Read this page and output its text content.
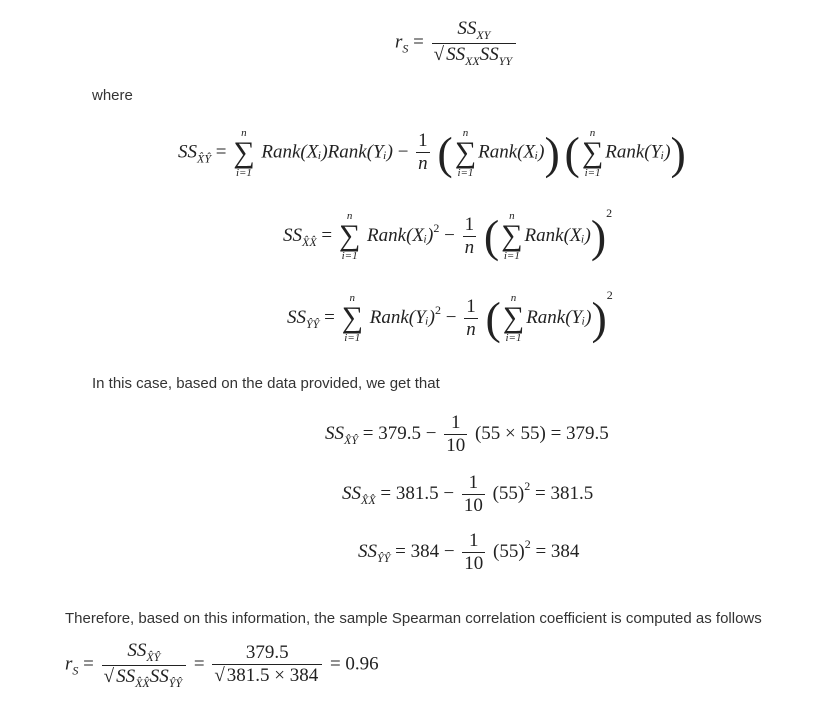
$r_S = \frac{SS_{XY}}{√ SS_{XX}SS_{YY}}$
where
$SS_{X̂Ŷ}$ =
n
∑
i=1
Rank(Xᵢ)Rank(Yᵢ) − $\frac{1}{n}$ ( n
∑
i=1
Rank(Xᵢ)) ( n
∑
i=1
Rank(Yᵢ))
$SS_{X̂X̂}$ =
n
∑
i=1
Rank(Xᵢ)$^2$ − $\frac{1}{n}$ ( n
∑
i=1
Rank(Xᵢ))$^2$
$SS_{ŶŶ}$ =
n
∑
i=1
Rank(Yᵢ)$^2$ − $\frac{1}{n}$ ( n
∑
i=1
Rank(Yᵢ))$^2$
In this case, based on the data provided, we get that
$SS_{X̂Ŷ} = 379.5 - \frac{1}{10} (55 \times 55) = 379.5$
$SS_{X̂X̂} = 381.5 - \frac{1}{10} (55)^2 = 381.5$
$SS_{ŶŶ} = 384 - \frac{1}{10} (55)^2 = 384$
Therefore, based on this information, the sample Spearman correlation coefficient is computed as follows
$r_S = \frac{SS_{X̂Ŷ}}{√ SS_{X̂X̂}SS_{ŶŶ}} = \frac{379.5}{√ 381.5 \times 384} = 0.96$
